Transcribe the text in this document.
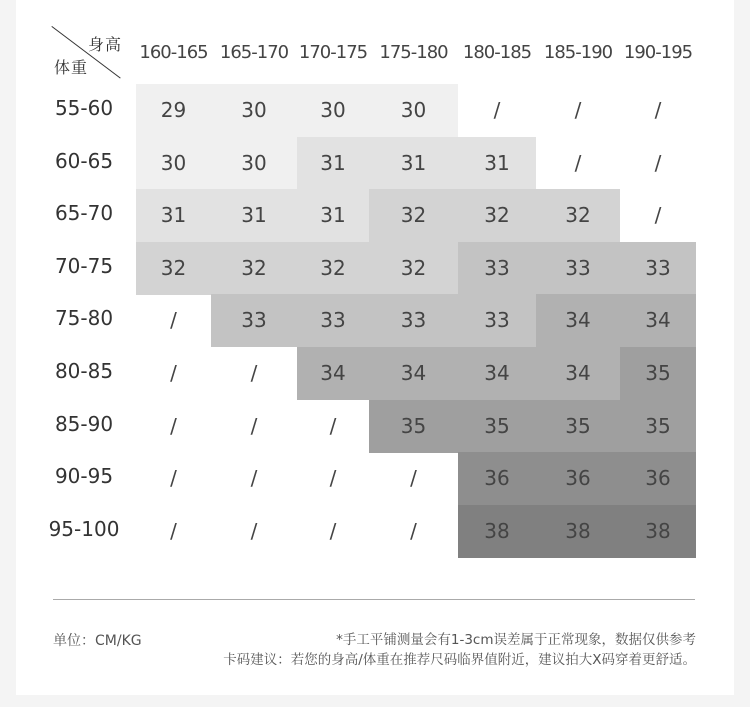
身高
体重
160-165 165-170 170-175 175-180 180-185 185-190 190-195
55-60	29	30	30	30	/	/	/
60-65	30	30	31	31	31	/	/
65-70	31	31	31	32	32	32	/
70-75	32	32	32	32	33	33	33
75-80	/	33	33	33	33	34	34
80-85	/	/	34	34	34	34	35
85-90	/	/	/	35	35	35	35
90-95	/	/	/	/	36	36	36
95-100	/	/	/	/	38	38	38
单位：CM/KG	*手工平铺测量会有1-3cm误差属于正常现象，数据仅供参考
卡码建议：若您的身高/体重在推荐尺码临界值附近，建议拍大X码穿着更舒适。
